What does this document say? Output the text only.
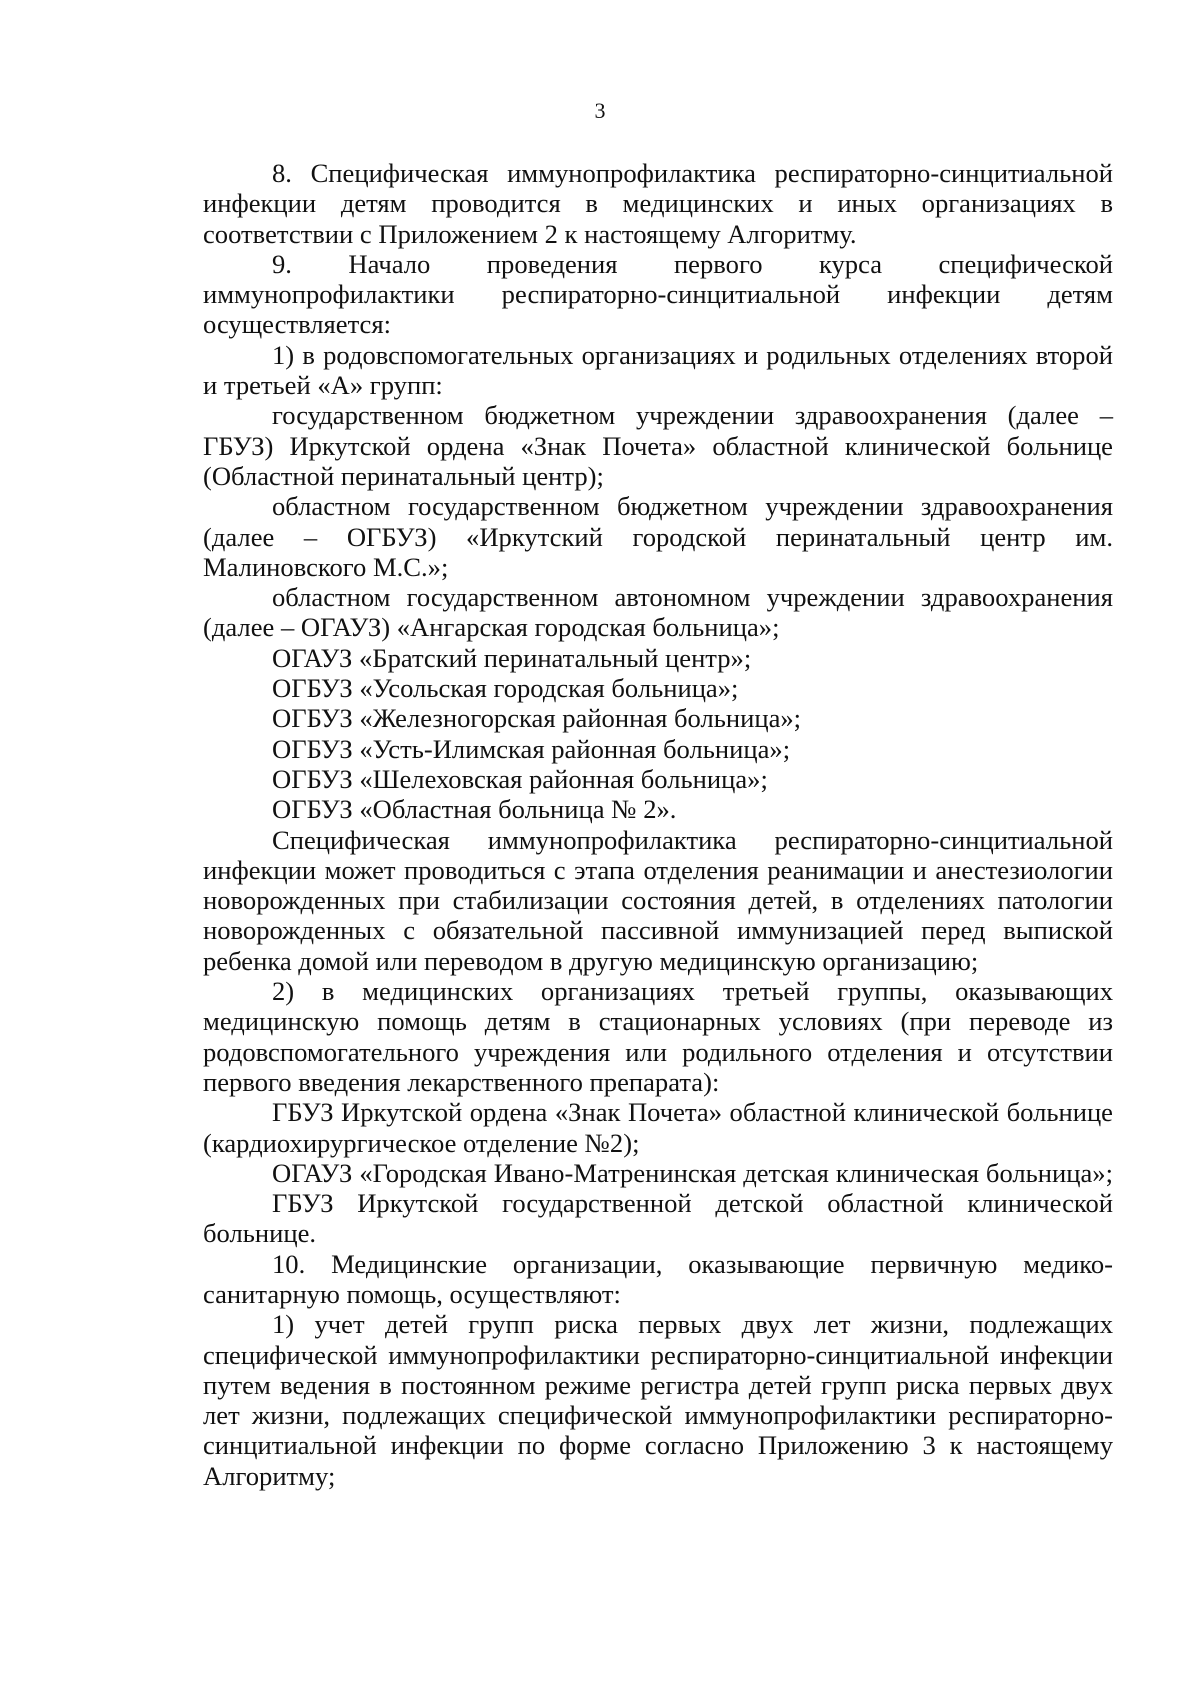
3

8. Специфическая иммунопрофилактика респираторно-синцитиальной инфекции детям проводится в медицинских и иных организациях в соответствии с Приложением 2 к настоящему Алгоритму.

9. Начало проведения первого курса специфической иммунопрофилактики респираторно-синцитиальной инфекции детям осуществляется:

1) в родовспомогательных организациях и родильных отделениях второй и третьей «А» групп:

государственном бюджетном учреждении здравоохранения (далее – ГБУЗ) Иркутской ордена «Знак Почета» областной клинической больнице (Областной перинатальный центр);

областном государственном бюджетном учреждении здравоохранения (далее – ОГБУЗ) «Иркутский городской перинатальный центр им. Малиновского М.С.»;

областном государственном автономном учреждении здравоохранения (далее – ОГАУЗ) «Ангарская городская больница»;

ОГАУЗ «Братский перинатальный центр»;

ОГБУЗ «Усольская городская больница»;

ОГБУЗ «Железногорская районная больница»;

ОГБУЗ «Усть-Илимская районная больница»;

ОГБУЗ «Шелеховская районная больница»;

ОГБУЗ «Областная больница № 2».

Специфическая иммунопрофилактика респираторно-синцитиальной инфекции может проводиться с этапа отделения реанимации и анестезиологии новорожденных при стабилизации состояния детей, в отделениях патологии новорожденных с обязательной пассивной иммунизацией перед выпиской ребенка домой или переводом в другую медицинскую организацию;

2) в медицинских организациях третьей группы, оказывающих медицинскую помощь детям в стационарных условиях (при переводе из родовспомогательного учреждения или родильного отделения и отсутствии первого введения лекарственного препарата):

ГБУЗ Иркутской ордена «Знак Почета» областной клинической больнице (кардиохирургическое отделение №2);

ОГАУЗ «Городская Ивано-Матренинская детская клиническая больница»;

ГБУЗ Иркутской государственной детской областной клинической больнице.

10. Медицинские организации, оказывающие первичную медико-санитарную помощь, осуществляют:

1) учет детей групп риска первых двух лет жизни, подлежащих специфической иммунопрофилактики респираторно-синцитиальной инфекции путем ведения в постоянном режиме регистра детей групп риска первых двух лет жизни, подлежащих специфической иммунопрофилактики респираторно-синцитиальной инфекции по форме согласно Приложению 3 к настоящему Алгоритму;
